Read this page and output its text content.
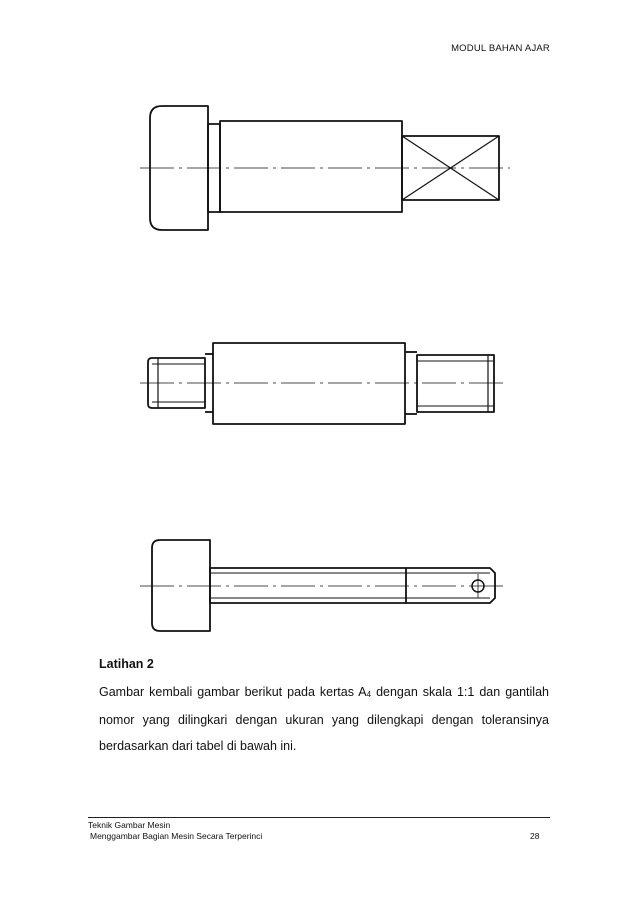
MODUL BAHAN AJAR
Latihan 2
Gambar kembali gambar berikut pada kertas $A_4$ dengan skala 1:1 dan gantilah
nomor yang dilingkari dengan ukuran yang dilengkapi dengan toleransinya
berdasarkan dari tabel di bawah ini.
Teknik Gambar Mesin
Menggambar Bagian Mesin Secara Terperinci	28
